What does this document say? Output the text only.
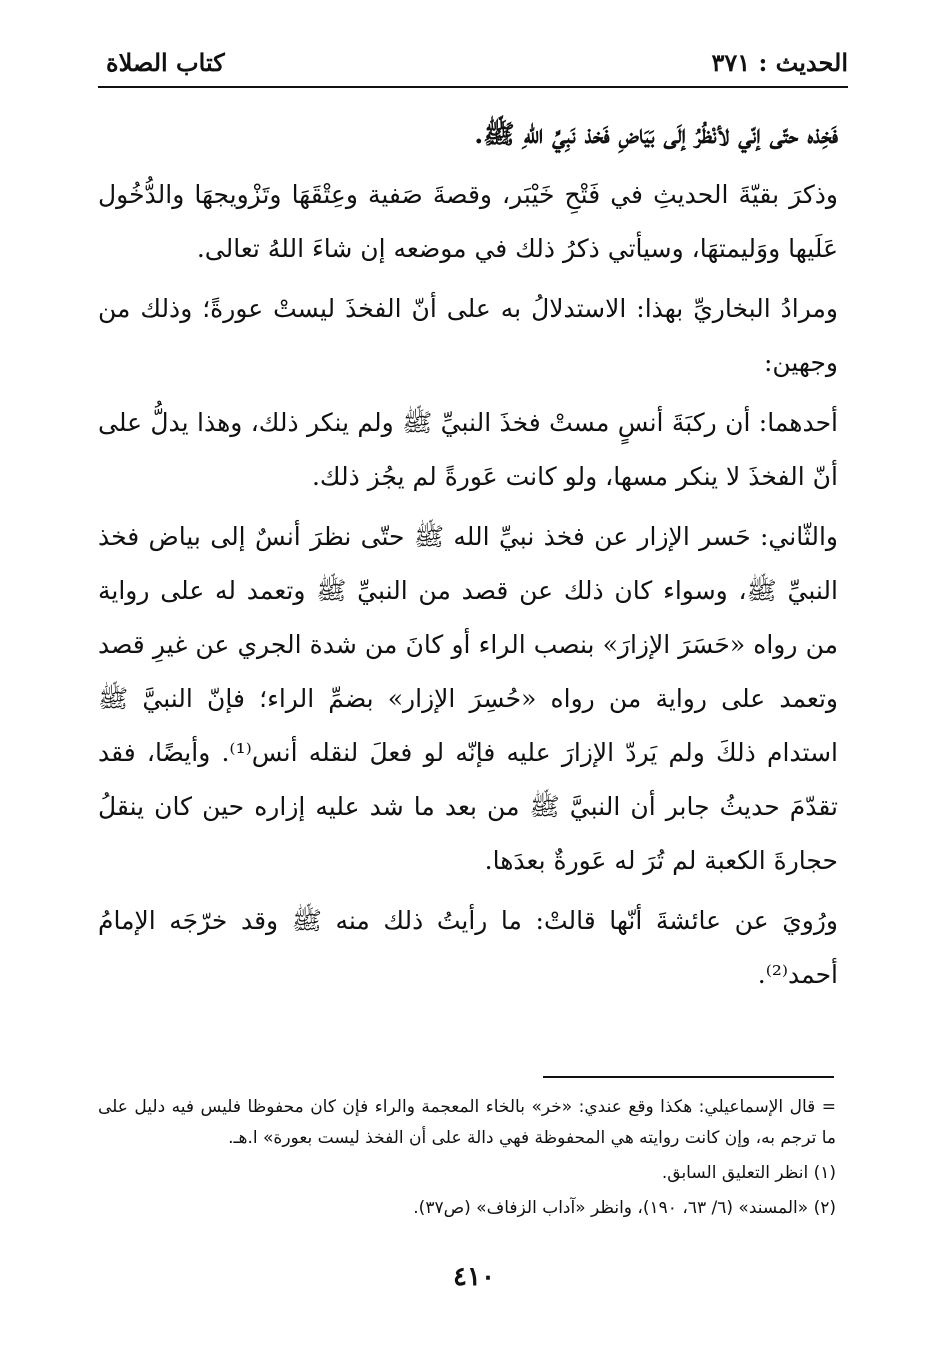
الحديث : ٣٧١
كتاب الصلاة

فَخِذه حتّى إنّي لأنْظُرُ إلَى بَيَاضِ فَخذ نَبِيِّ اللهِ ﷺ.

وذكرَ بقيّةَ الحديثِ في فَتْحِ خَيْبَر، وقصةَ صَفية وعِتْقَهَا وتَزْويجهَا والدُّخُول عَلَيها ووَليمتهَا، وسيأتي ذكرُ ذلك في موضعه إن شاءَ اللهُ تعالى.

ومرادُ البخاريِّ بهذا: الاستدلالُ به على أنّ الفخذَ ليستْ عورةً؛ وذلك من وجهين:

أحدهما: أن ركبَةَ أنسٍ مستْ فخذَ النبيِّ ﷺ ولم ينكر ذلك، وهذا يدلُّ على أنّ الفخذَ لا ينكر مسها، ولو كانت عَورةً لم يجُز ذلك.

والثّاني: حَسر الإزار عن فخذ نبيِّ الله ﷺ حتّى نظرَ أنسٌ إلى بياض فخذ النبيِّ ﷺ، وسواء كان ذلك عن قصد من النبيِّ ﷺ وتعمد له على رواية من رواه «حَسَرَ الإزارَ» بنصب الراء أو كانَ من شدة الجري عن غيرِ قصد وتعمد على رواية من رواه «حُسِرَ الإزار» بضمِّ الراء؛ فإنّ النبيَّ ﷺ استدام ذلكَ ولم يَردّ الإزارَ عليه فإنّه لو فعلَ لنقله أنس⁽¹⁾. وأيضًا، فقد تقدّمَ حديثُ جابر أن النبيَّ ﷺ من بعد ما شد عليه إزاره حين كان ينقلُ حجارةَ الكعبة لم تُرَ له عَورةٌ بعدَها.

ورُويَ عن عائشةَ أنّها قالتْ: ما رأيتُ ذلك منه ﷺ وقد خرّجَه الإمامُ أحمد⁽²⁾.

= قال الإسماعيلي: هكذا وقع عندي: «خر» بالخاء المعجمة والراء فإن كان محفوظا فليس فيه دليل على ما ترجم به، وإن كانت روايته هي المحفوظة فهي دالة على أن الفخذ ليست بعورة» ا.هـ.

(١) انظر التعليق السابق.

(٢) «المسند» (٦/ ٦٣، ١٩٠)، وانظر «آداب الزفاف» (ص٣٧).

٤١٠
